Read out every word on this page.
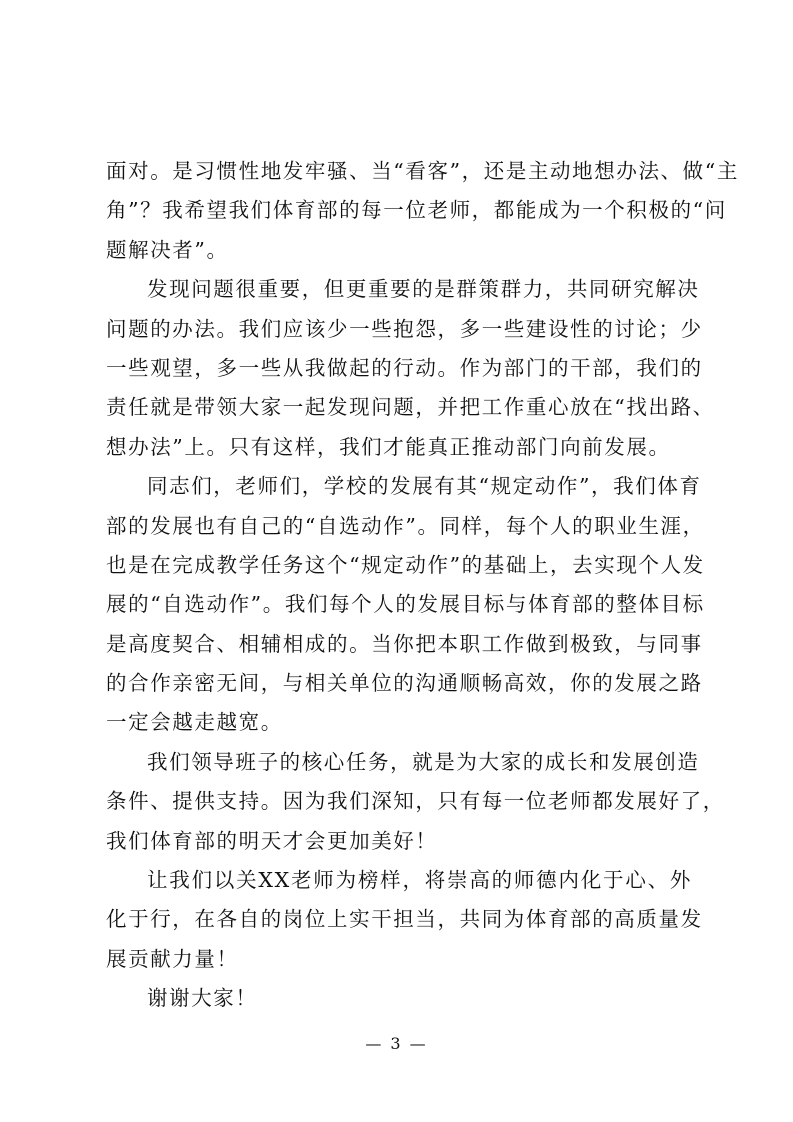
面对。是习惯性地发牢骚、当“看客”，还是主动地想办法、做“主
角”？我希望我们体育部的每一位老师，都能成为一个积极的“问
题解决者”。
发现问题很重要，但更重要的是群策群力，共同研究解决
问题的办法。我们应该少一些抱怨，多一些建设性的讨论；少
一些观望，多一些从我做起的行动。作为部门的干部，我们的
责任就是带领大家一起发现问题，并把工作重心放在“找出路、
想办法”上。只有这样，我们才能真正推动部门向前发展。
同志们，老师们，学校的发展有其“规定动作”，我们体育
部的发展也有自己的“自选动作”。同样，每个人的职业生涯，
也是在完成教学任务这个“规定动作”的基础上，去实现个人发
展的“自选动作”。我们每个人的发展目标与体育部的整体目标
是高度契合、相辅相成的。当你把本职工作做到极致，与同事
的合作亲密无间，与相关单位的沟通顺畅高效，你的发展之路
一定会越走越宽。
我们领导班子的核心任务，就是为大家的成长和发展创造
条件、提供支持。因为我们深知，只有每一位老师都发展好了，
我们体育部的明天才会更加美好！
让我们以关XX老师为榜样，将崇高的师德内化于心、外
化于行，在各自的岗位上实干担当，共同为体育部的高质量发
展贡献力量！
谢谢大家！
— 3 —
